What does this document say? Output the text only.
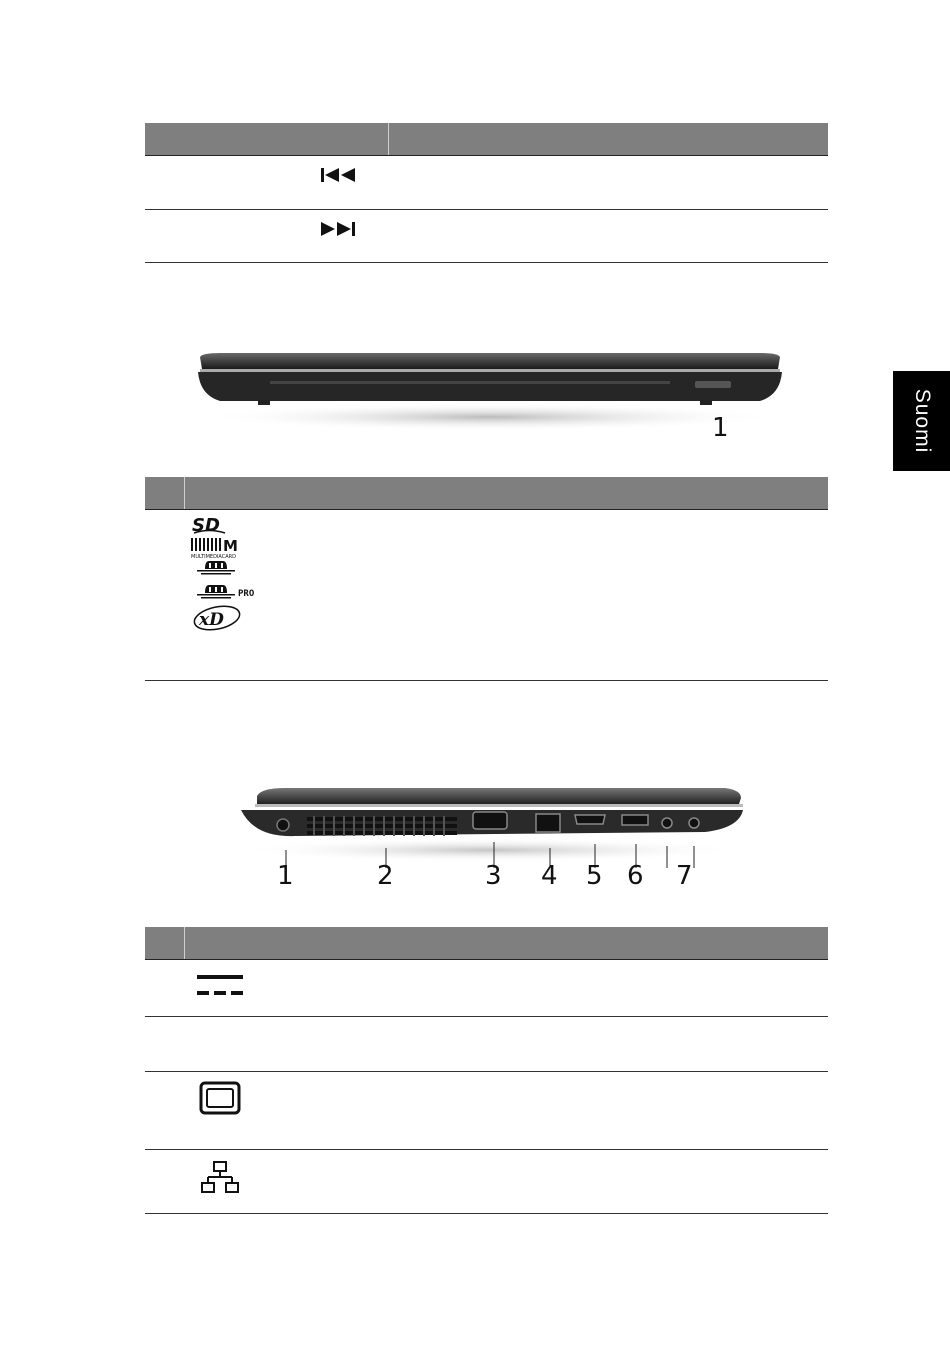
Suomi
1
SD
M
MULTIMEDIACARD
PRO
xD
1	2	3 4 5 6 7
